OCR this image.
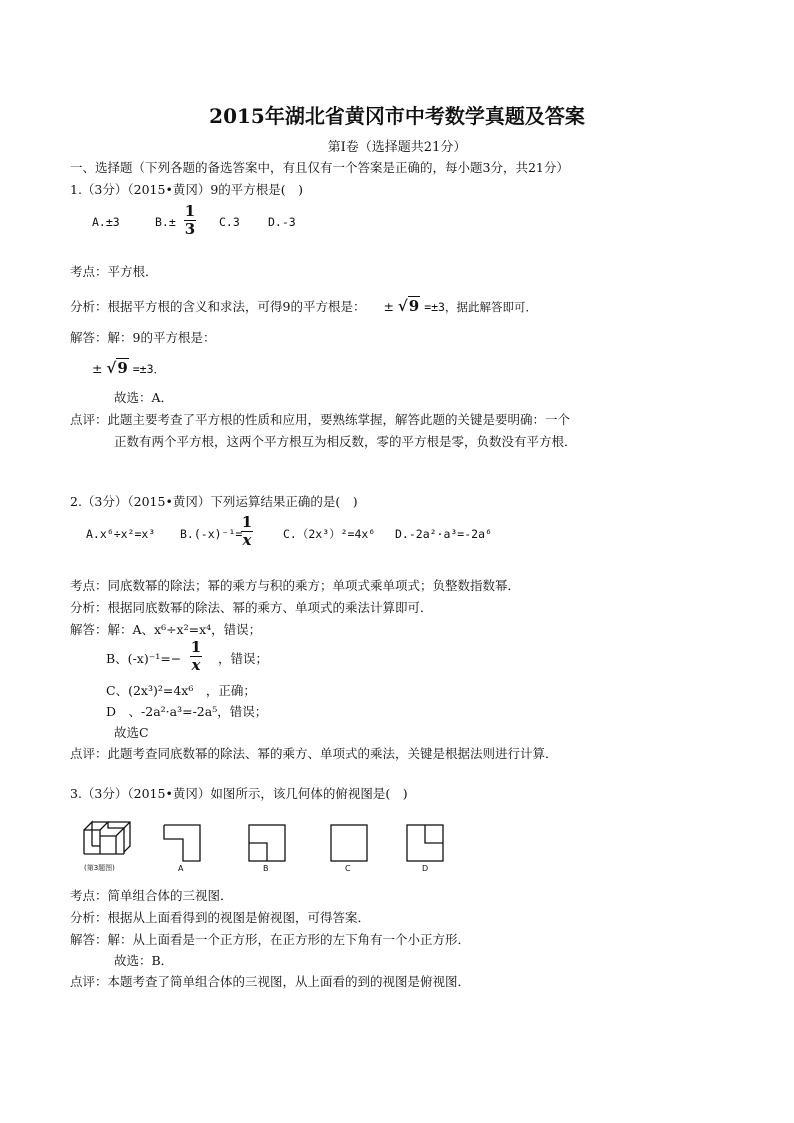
2015年湖北省黄冈市中考数学真题及答案
第Ⅰ卷（选择题共21分）
一、选择题（下列各题的备选答案中，有且仅有一个答案是正确的，每小题3分，共21分）
1.（3分）（2015•黄冈）9的平方根是(　)
A.±3	B.±
1
3 C.3 D.-3
考点：平方根．
分析：根据平方根的含义和求法，可得9的平方根是： ± √9 =±3，据此解答即可．
解答：解：9的平方根是：
± √9 =±3．
故选：A．
点评：此题主要考查了平方根的性质和应用，要熟练掌握，解答此题的关键是要明确：一个
正数有两个平方根，这两个平方根互为相反数，零的平方根是零，负数没有平方根．
2.（3分）（2015•黄冈）下列运算结果正确的是(　)
A.x⁶÷x²=x³ B.(-x)⁻¹=
1
x	C.（2x³）²=4x⁶ D.-2a²·a³=-2a⁶
考点：同底数幂的除法；幂的乘方与积的乘方；单项式乘单项式；负整数指数幂．
分析：根据同底数幂的除法、幂的乘方、单项式的乘法计算即可．
解答：解：A、x⁶÷x²=x⁴，错误；
B、(-x)⁻¹=−
1
x ，错误；
C、(2x³)²=4x⁶　，正确；
D　、-2a²·a³=-2a⁵，错误；
故选C
点评：此题考查同底数幂的除法、幂的乘方、单项式的乘法，关键是根据法则进行计算．
3.（3分）（2015•黄冈）如图所示，该几何体的俯视图是(　)
(第3题图)	A	B	C	D
考点：简单组合体的三视图．
分析：根据从上面看得到的视图是俯视图，可得答案．
解答：解：从上面看是一个正方形，在正方形的左下角有一个小正方形．
故选：B．
点评：本题考查了简单组合体的三视图，从上面看的到的视图是俯视图．
